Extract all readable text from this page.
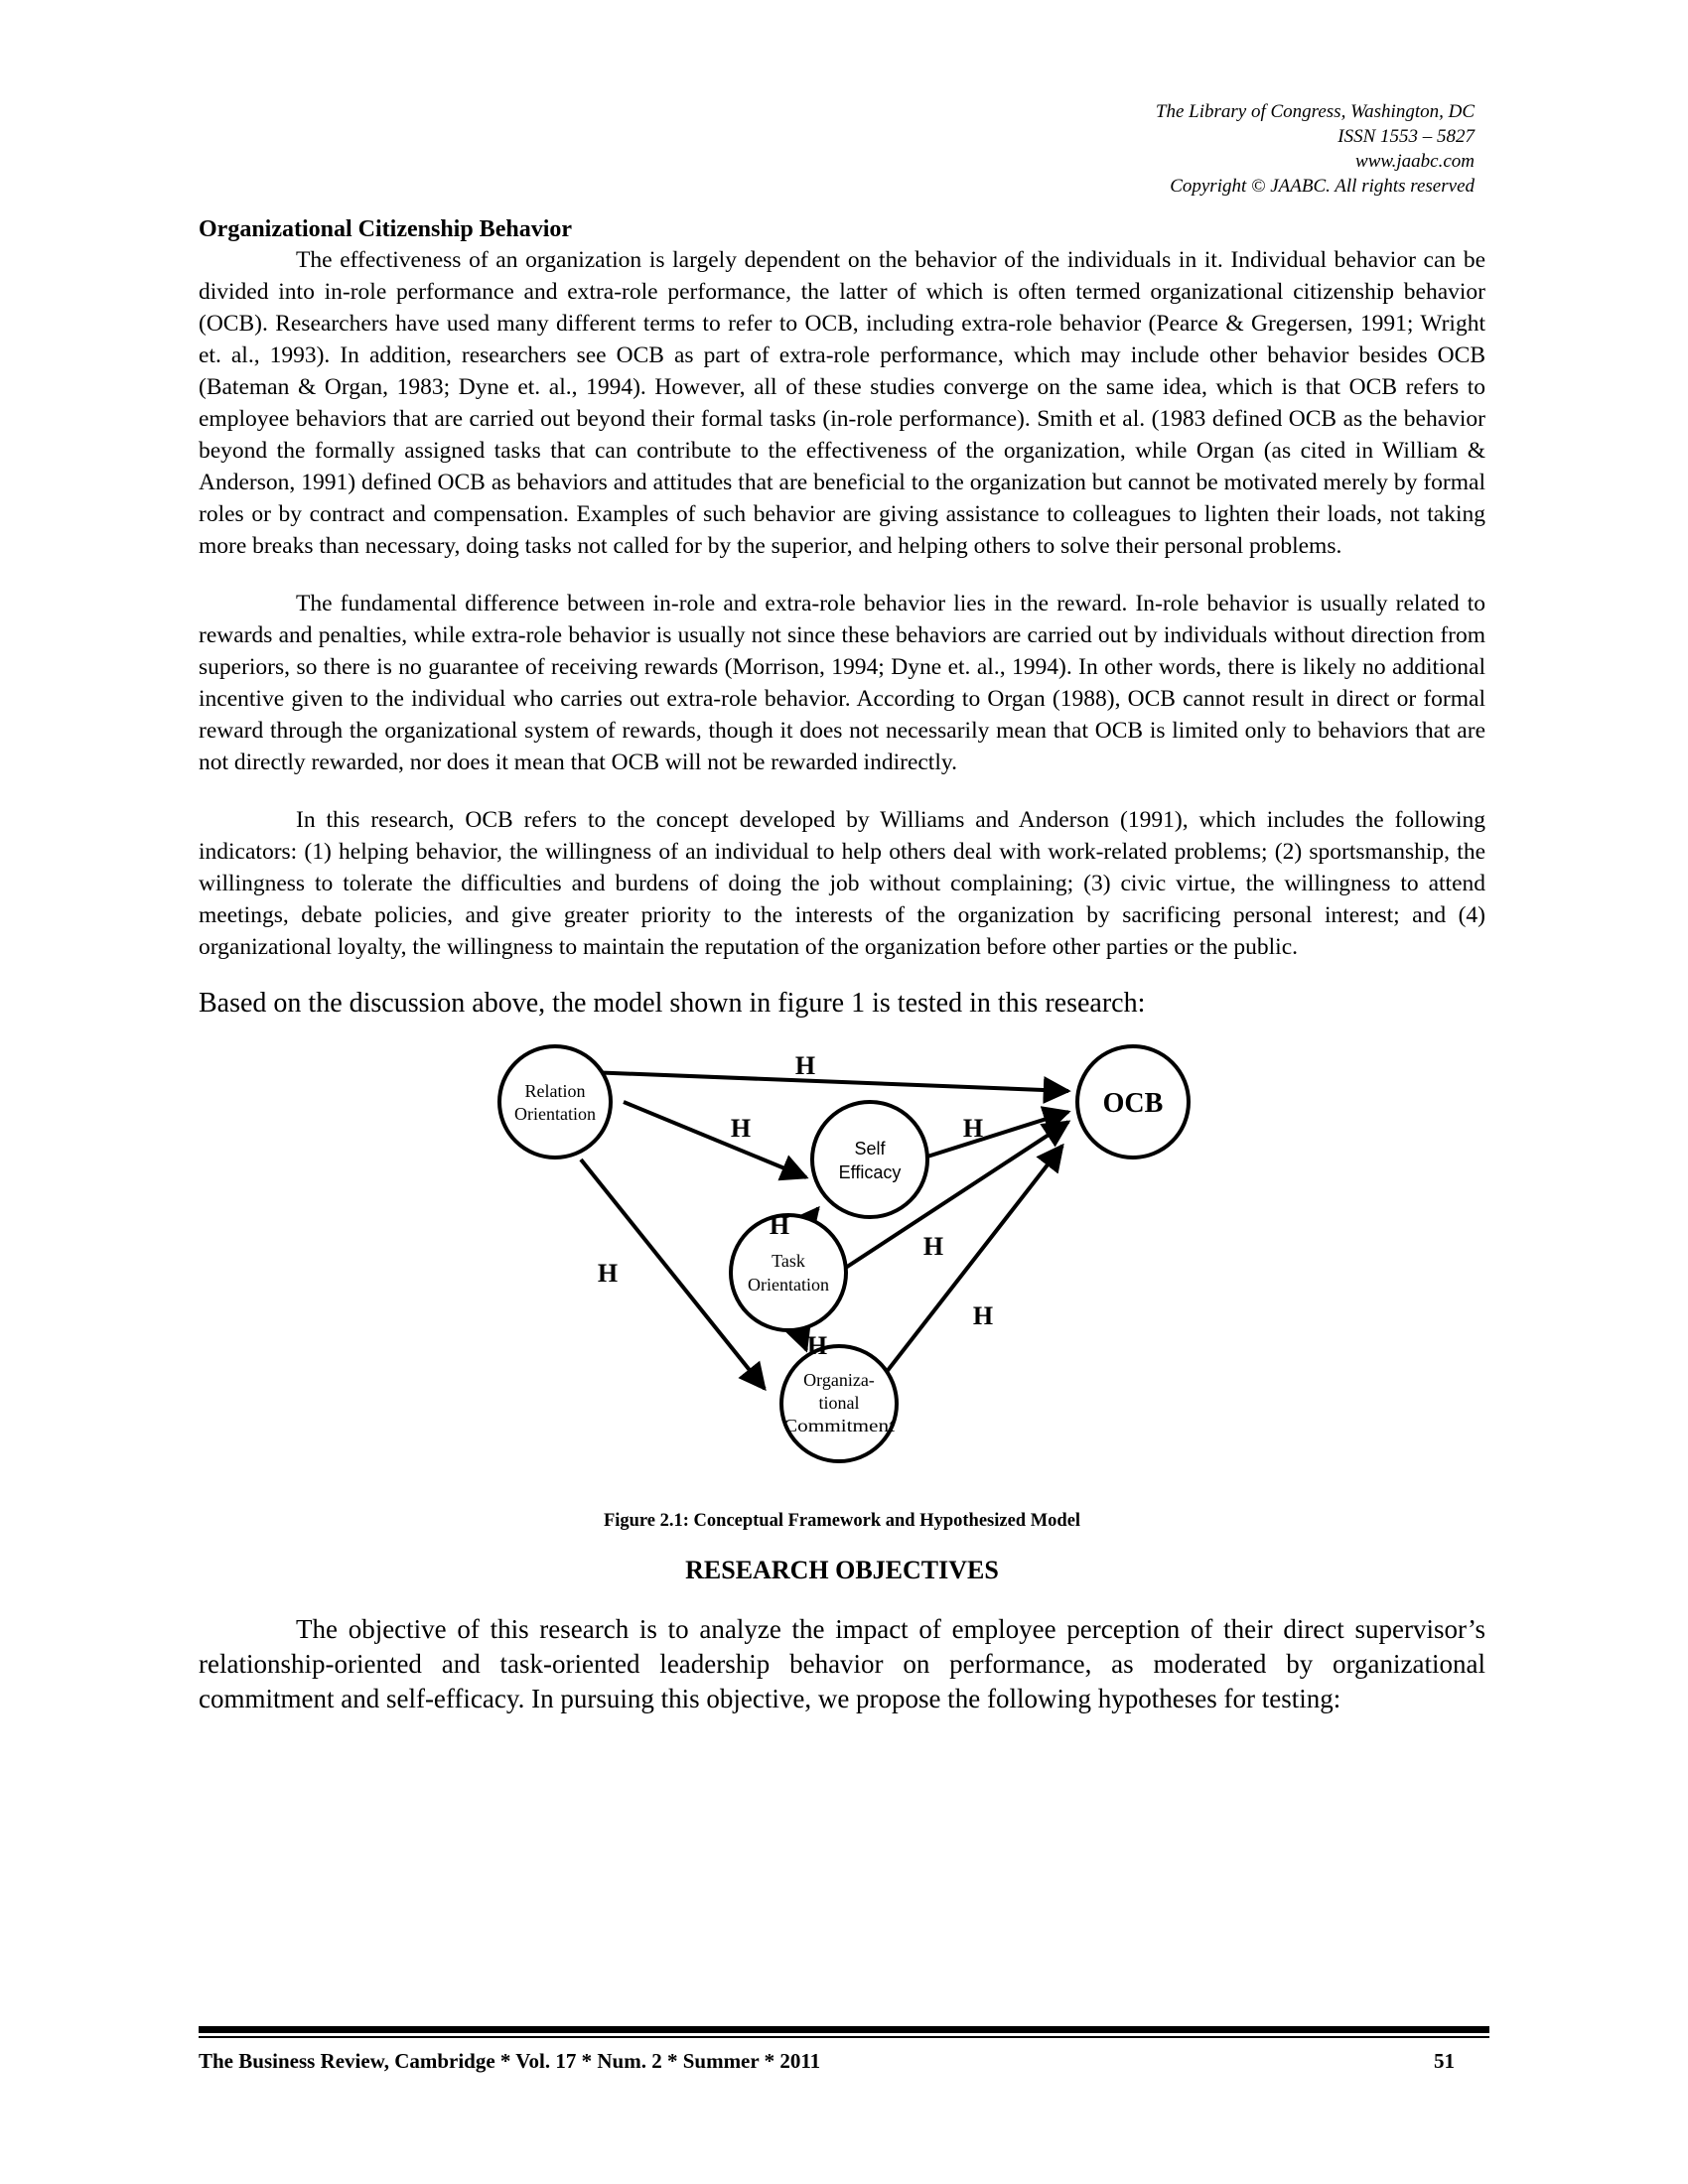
The Library of Congress, Washington, DC
ISSN 1553 – 5827
www.jaabc.com
Copyright © JAABC. All rights reserved
Organizational Citizenship Behavior

The effectiveness of an organization is largely dependent on the behavior of the individuals in it. Individual behavior can be divided into in-role performance and extra-role performance, the latter of which is often termed organizational citizenship behavior (OCB). Researchers have used many different terms to refer to OCB, including extra-role behavior (Pearce & Gregersen, 1991; Wright et. al., 1993). In addition, researchers see OCB as part of extra-role performance, which may include other behavior besides OCB (Bateman & Organ, 1983; Dyne et. al., 1994). However, all of these studies converge on the same idea, which is that OCB refers to employee behaviors that are carried out beyond their formal tasks (in-role performance). Smith et al. (1983 defined OCB as the behavior beyond the formally assigned tasks that can contribute to the effectiveness of the organization, while Organ (as cited in William & Anderson, 1991) defined OCB as behaviors and attitudes that are beneficial to the organization but cannot be motivated merely by formal roles or by contract and compensation. Examples of such behavior are giving assistance to colleagues to lighten their loads, not taking more breaks than necessary, doing tasks not called for by the superior, and helping others to solve their personal problems.

The fundamental difference between in-role and extra-role behavior lies in the reward. In-role behavior is usually related to rewards and penalties, while extra-role behavior is usually not since these behaviors are carried out by individuals without direction from superiors, so there is no guarantee of receiving rewards (Morrison, 1994; Dyne et. al., 1994). In other words, there is likely no additional incentive given to the individual who carries out extra-role behavior. According to Organ (1988), OCB cannot result in direct or formal reward through the organizational system of rewards, though it does not necessarily mean that OCB is limited only to behaviors that are not directly rewarded, nor does it mean that OCB will not be rewarded indirectly.

In this research, OCB refers to the concept developed by Williams and Anderson (1991), which includes the following indicators: (1) helping behavior, the willingness of an individual to help others deal with work-related problems; (2) sportsmanship, the willingness to tolerate the difficulties and burdens of doing the job without complaining; (3) civic virtue, the willingness to attend meetings, debate policies, and give greater priority to the interests of the organization by sacrificing personal interest; and (4) organizational loyalty, the willingness to maintain the reputation of the organization before other parties or the public.

Based on the discussion above, the model shown in figure 1 is tested in this research:

Relation
Orientation
Self
Efficacy
Task
Orientation
Organiza-
tional
Commitment
OCB
H
H	H
H
H
H
H
H
Figure 2.1: Conceptual Framework and Hypothesized Model
RESEARCH OBJECTIVES

The objective of this research is to analyze the impact of employee perception of their direct supervisor’s relationship-oriented and task-oriented leadership behavior on performance, as moderated by organizational commitment and self-efficacy. In pursuing this objective, we propose the following hypotheses for testing:

The Business Review, Cambridge * Vol. 17 * Num. 2 * Summer * 2011	51
